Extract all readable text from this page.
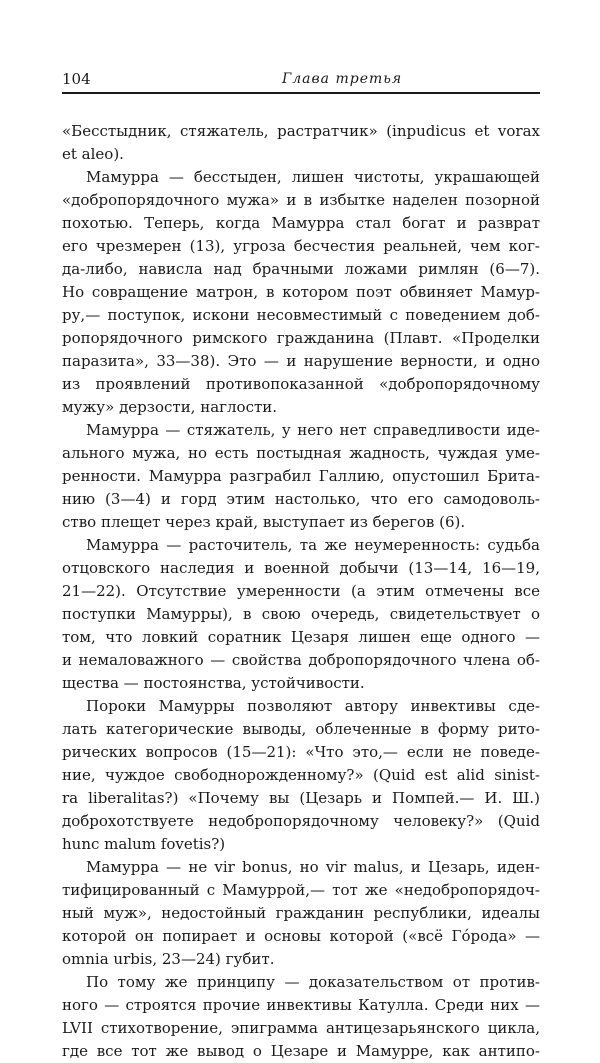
104	Глава третья
«Бесстыдник, стяжатель, растратчик» (inpudicus et vorax
et aleo).
Мамурра — бесстыден, лишен чистоты, украшающей
«добропорядочного мужа» и в избытке наделен позорной
похотью. Теперь, когда Мамурра стал богат и разврат
его чрезмерен (13), угроза бесчестия реальней, чем ког-
да-либо, нависла над брачными ложами римлян (6—7).
Но совращение матрон, в котором поэт обвиняет Мамур-
ру,— поступок, искони несовместимый с поведением доб-
ропорядочного римского гражданина (Плавт. «Проделки
паразита», 33—38). Это — и нарушение верности, и одно
из проявлений противопоказанной «добропорядочному
мужу» дерзости, наглости.
Мамурра — стяжатель, у него нет справедливости иде-
ального мужа, но есть постыдная жадность, чуждая уме-
ренности. Мамурра разграбил Галлию, опустошил Брита-
нию (3—4) и горд этим настолько, что его самодоволь-
ство плещет через край, выступает из берегов (6).
Мамурра — расточитель, та же неумеренность: судьба
отцовского наследия и военной добычи (13—14, 16—19,
21—22). Отсутствие умеренности (а этим отмечены все
поступки Мамурры), в свою очередь, свидетельствует о
том, что ловкий соратник Цезаря лишен еще одного —
и немаловажного — свойства добропорядочного члена об-
щества — постоянства, устойчивости.
Пороки Мамурры позволяют автору инвективы сде-
лать категорические выводы, облеченные в форму рито-
рических вопросов (15—21): «Что это,— если не поведе-
ние, чуждое свободнорожденному?» (Quid est alid sinist-
ra liberalitas?) «Почему вы (Цезарь и Помпей.— И. Ш.)
доброхотствуете недобропорядочному человеку?» (Quid
hunc malum fovetis?)
Мамурра — не vir bonus, но vir malus, и Цезарь, иден-
тифицированный с Мамуррой,— тот же «недобропорядоч-
ный муж», недостойный гражданин республики, идеалы
которой он попирает и основы которой («всё Гóрода» —
omnia urbis, 23—24) губит.
По тому же принципу — доказательством от против-
ного — строятся прочие инвективы Катулла. Среди них —
LVII стихотворение, эпиграмма антицезарьянского цикла,
где все тот же вывод о Цезаре и Мамурре, как антипо-
